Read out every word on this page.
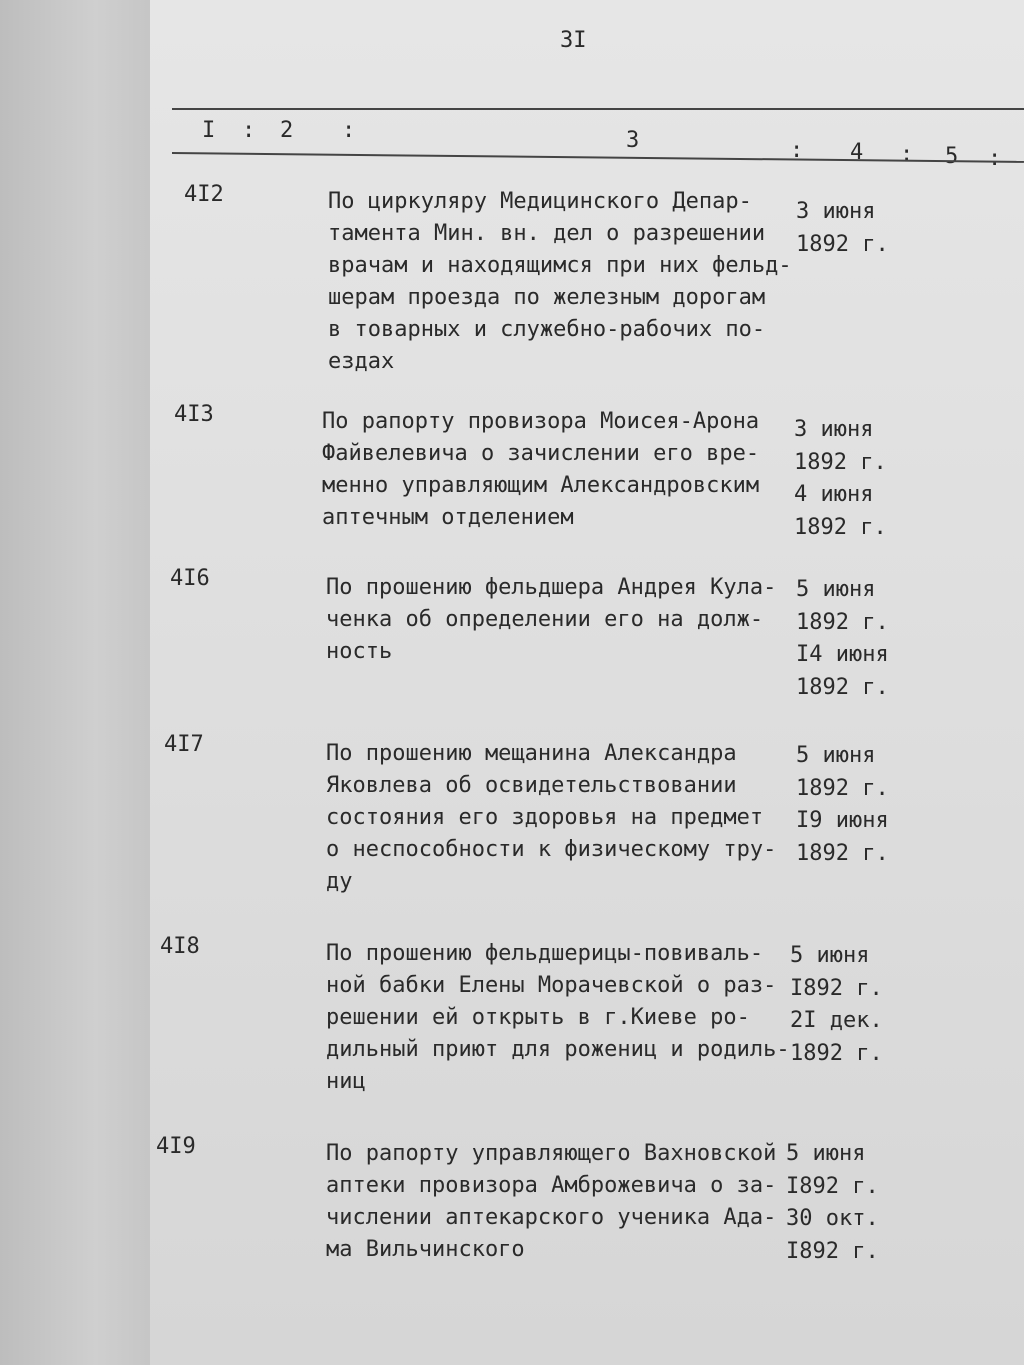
3I
I : 2 :	3	: 4 : 5 :
4I2	По циркуляру Медицинского Депар-
тамента Мин. вн. дел о разрешении
врачам и находящимся при них фельд-
шерам проезда по железным дорогам
в товарных и служебно-рабочих по-
ездах
3 июня
1892 г.
4I3	По рапорту провизора Моисея-Арона
Файвелевича о зачислении его вре-
менно управляющим Александровским
аптечным отделением
3 июня
1892 г.
4 июня
1892 г.
4I6	По прошению фельдшера Андрея Кула-
ченка об определении его на долж-
ность
5 июня
1892 г.
I4 июня
1892 г.
4I7	По прошению мещанина Александра
Яковлева об освидетельствовании
состояния его здоровья на предмет
о неспособности к физическому тру-
ду
5 июня
1892 г.
I9 июня
1892 г.
4I8	По прошению фельдшерицы-повиваль-
ной бабки Елены Морачевской о раз-
решении ей открыть в г.Киеве ро-
дильный приют для рожениц и родиль-
ниц
5 июня
I892 г.
2I дек.
1892 г.
4I9	По рапорту управляющего Вахновской
аптеки провизора Амброжевича о за-
числении аптекарского ученика Ада-
ма Вильчинского
5 июня
I892 г.
30 окт.
I892 г.
